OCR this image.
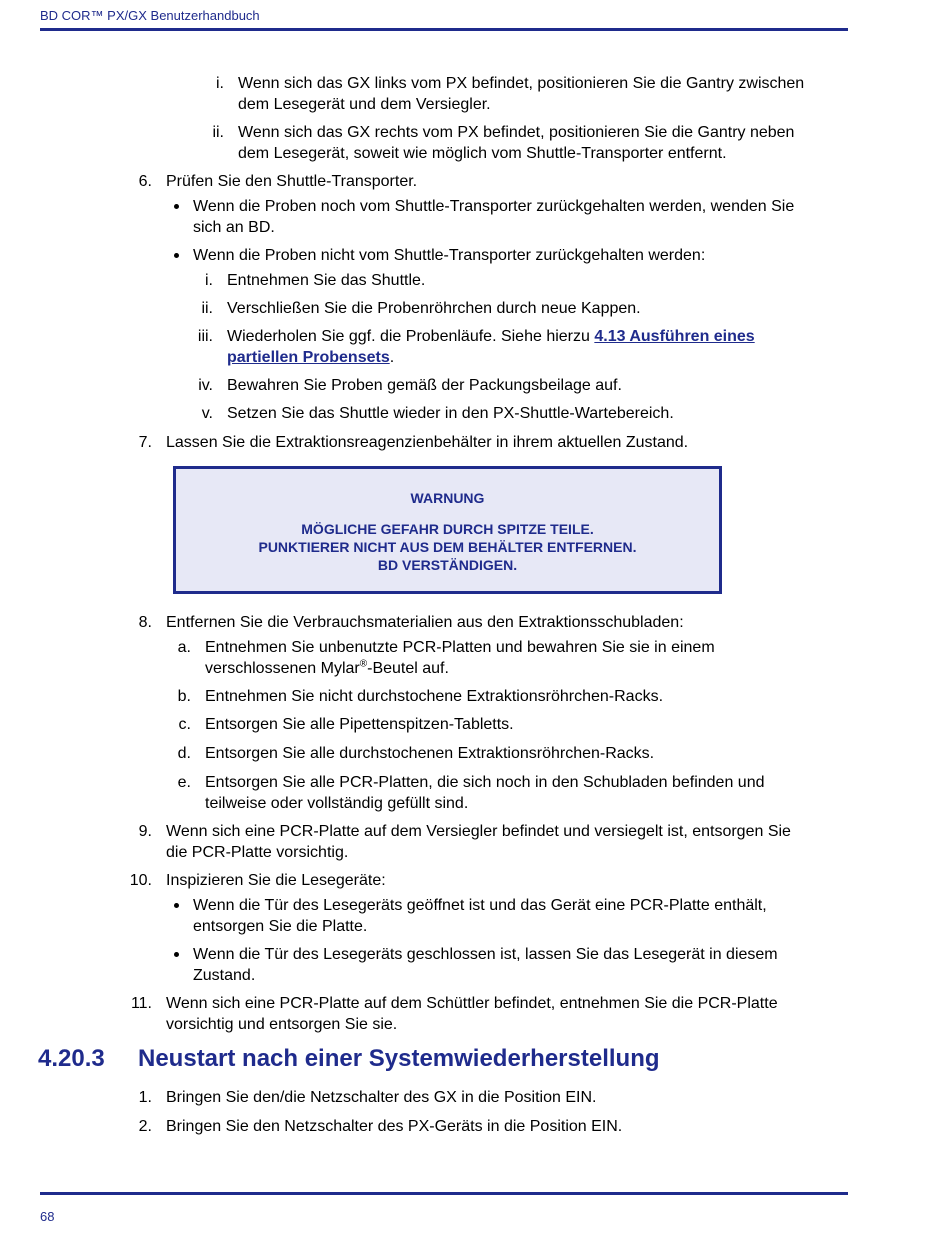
BD COR™ PX/GX Benutzerhandbuch
i. Wenn sich das GX links vom PX befindet, positionieren Sie die Gantry zwischen
dem Lesegerät und dem Versiegler.
ii. Wenn sich das GX rechts vom PX befindet, positionieren Sie die Gantry neben
dem Lesegerät, soweit wie möglich vom Shuttle-Transporter entfernt.
6. Prüfen Sie den Shuttle-Transporter.
Wenn die Proben noch vom Shuttle-Transporter zurückgehalten werden, wenden Sie
sich an BD.
Wenn die Proben nicht vom Shuttle-Transporter zurückgehalten werden:
i. Entnehmen Sie das Shuttle.
ii. Verschließen Sie die Probenröhrchen durch neue Kappen.
iii. Wiederholen Sie ggf. die Probenläufe. Siehe hierzu 4.13 Ausführen eines
partiellen Probensets.
iv. Bewahren Sie Proben gemäß der Packungsbeilage auf.
v. Setzen Sie das Shuttle wieder in den PX-Shuttle-Wartebereich.
7. Lassen Sie die Extraktionsreagenzienbehälter in ihrem aktuellen Zustand.
WARNUNG
MÖGLICHE GEFAHR DURCH SPITZE TEILE.
PUNKTIERER NICHT AUS DEM BEHÄLTER ENTFERNEN.
BD VERSTÄNDIGEN.
8. Entfernen Sie die Verbrauchsmaterialien aus den Extraktionsschubladen:
a. Entnehmen Sie unbenutzte PCR-Platten und bewahren Sie sie in einem
verschlossenen Mylar®-Beutel auf.
b. Entnehmen Sie nicht durchstochene Extraktionsröhrchen-Racks.
c. Entsorgen Sie alle Pipettenspitzen-Tabletts.
d. Entsorgen Sie alle durchstochenen Extraktionsröhrchen-Racks.
e. Entsorgen Sie alle PCR-Platten, die sich noch in den Schubladen befinden und
teilweise oder vollständig gefüllt sind.
9. Wenn sich eine PCR-Platte auf dem Versiegler befindet und versiegelt ist, entsorgen Sie
die PCR-Platte vorsichtig.
10. Inspizieren Sie die Lesegeräte:
Wenn die Tür des Lesegeräts geöffnet ist und das Gerät eine PCR-Platte enthält,
entsorgen Sie die Platte.
Wenn die Tür des Lesegeräts geschlossen ist, lassen Sie das Lesegerät in diesem
Zustand.
11. Wenn sich eine PCR-Platte auf dem Schüttler befindet, entnehmen Sie die PCR-Platte
vorsichtig und entsorgen Sie sie.
4.20.3 Neustart nach einer Systemwiederherstellung
1. Bringen Sie den/die Netzschalter des GX in die Position EIN.
2. Bringen Sie den Netzschalter des PX-Geräts in die Position EIN.
68
